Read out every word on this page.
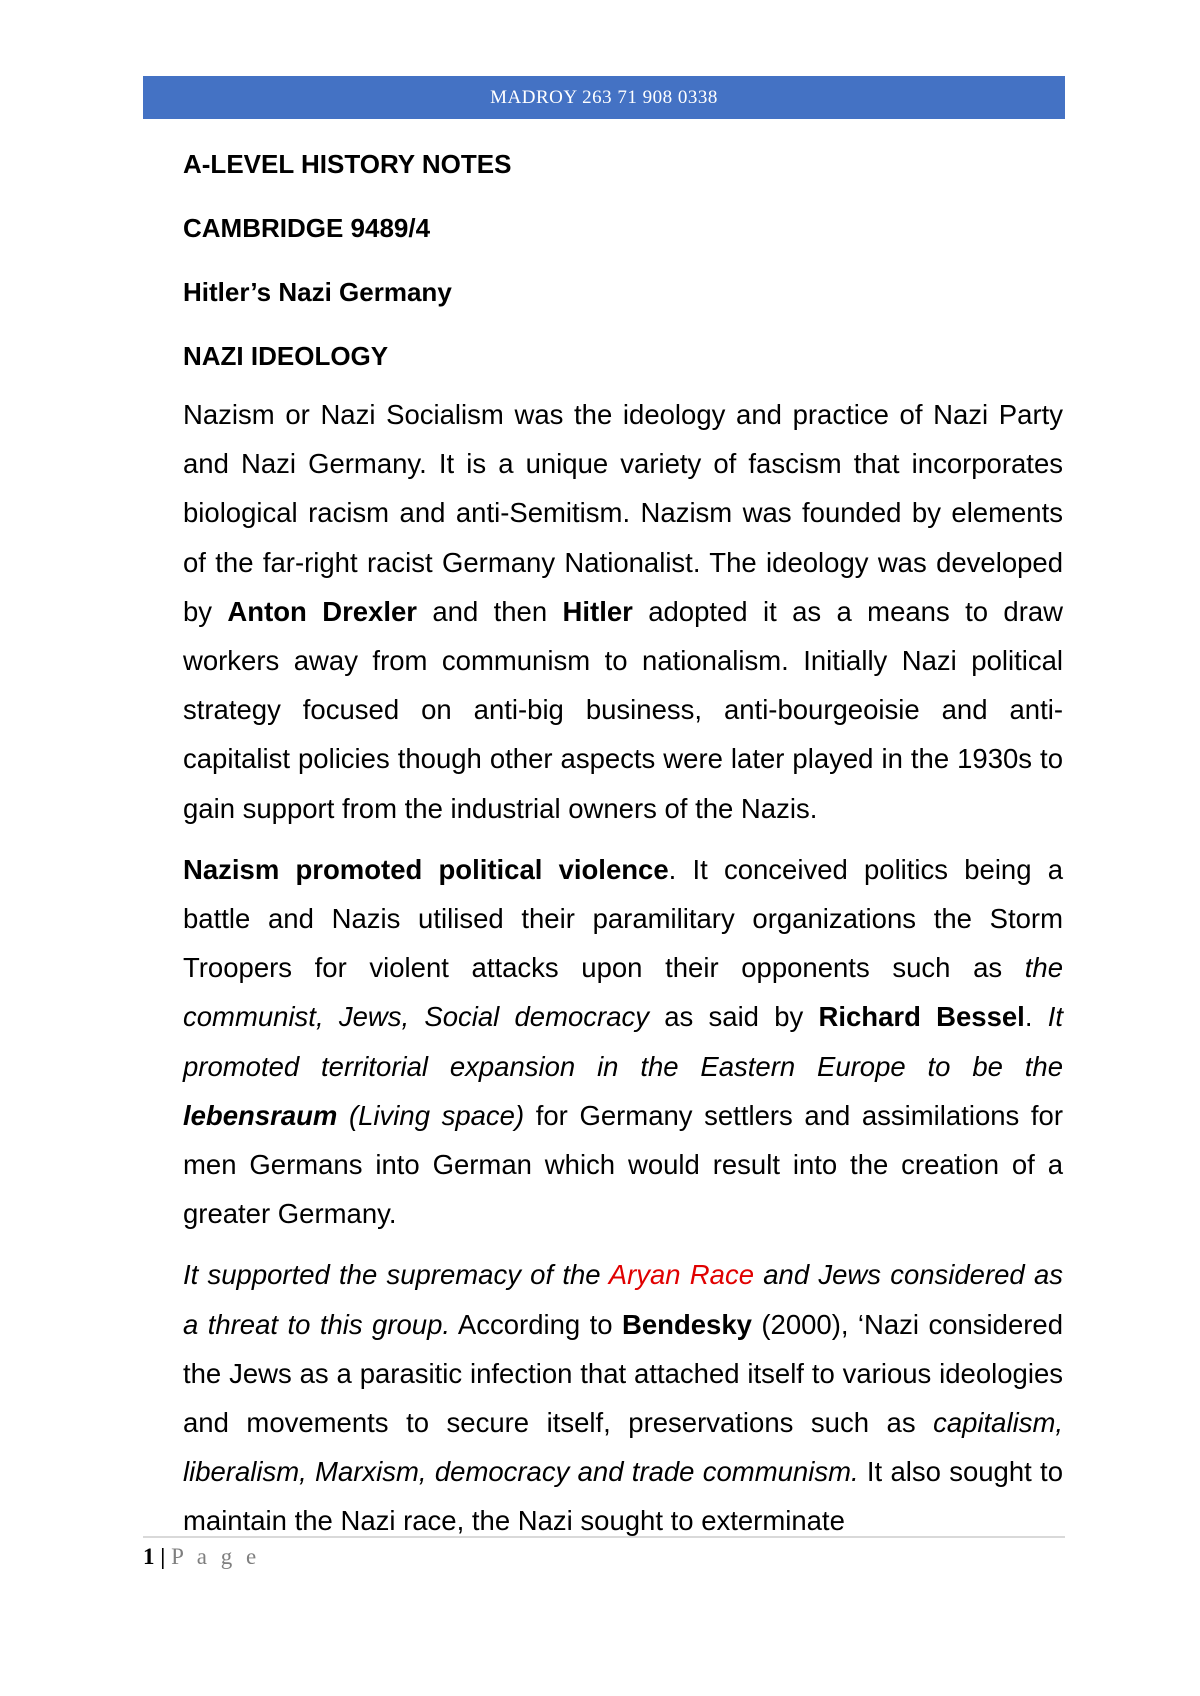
MADROY 263 71 908 0338
A-LEVEL HISTORY NOTES
CAMBRIDGE 9489/4
Hitler’s Nazi Germany
NAZI IDEOLOGY

Nazism or Nazi Socialism was the ideology and practice of Nazi Party and Nazi Germany. It is a unique variety of fascism that incorporates biological racism and anti-Semitism. Nazism was founded by elements of the far-right racist Germany Nationalist. The ideology was developed by Anton Drexler and then Hitler adopted it as a means to draw workers away from communism to nationalism. Initially Nazi political strategy focused on anti-big business, anti-bourgeoisie and anti-capitalist policies though other aspects were later played in the 1930s to gain support from the industrial owners of the Nazis.

Nazism promoted political violence. It conceived politics being a battle and Nazis utilised their paramilitary organizations the Storm Troopers for violent attacks upon their opponents such as the communist, Jews, Social democracy as said by Richard Bessel. It promoted territorial expansion in the Eastern Europe to be the lebensraum (Living space) for Germany settlers and assimilations for men Germans into German which would result into the creation of a greater Germany.

It supported the supremacy of the Aryan Race and Jews considered as a threat to this group. According to Bendesky (2000), ‘Nazi considered the Jews as a parasitic infection that attached itself to various ideologies and movements to secure itself, preservations such as capitalism, liberalism, Marxism, democracy and trade communism. It also sought to maintain the Nazi race, the Nazi sought to exterminate

1 | P a g e
